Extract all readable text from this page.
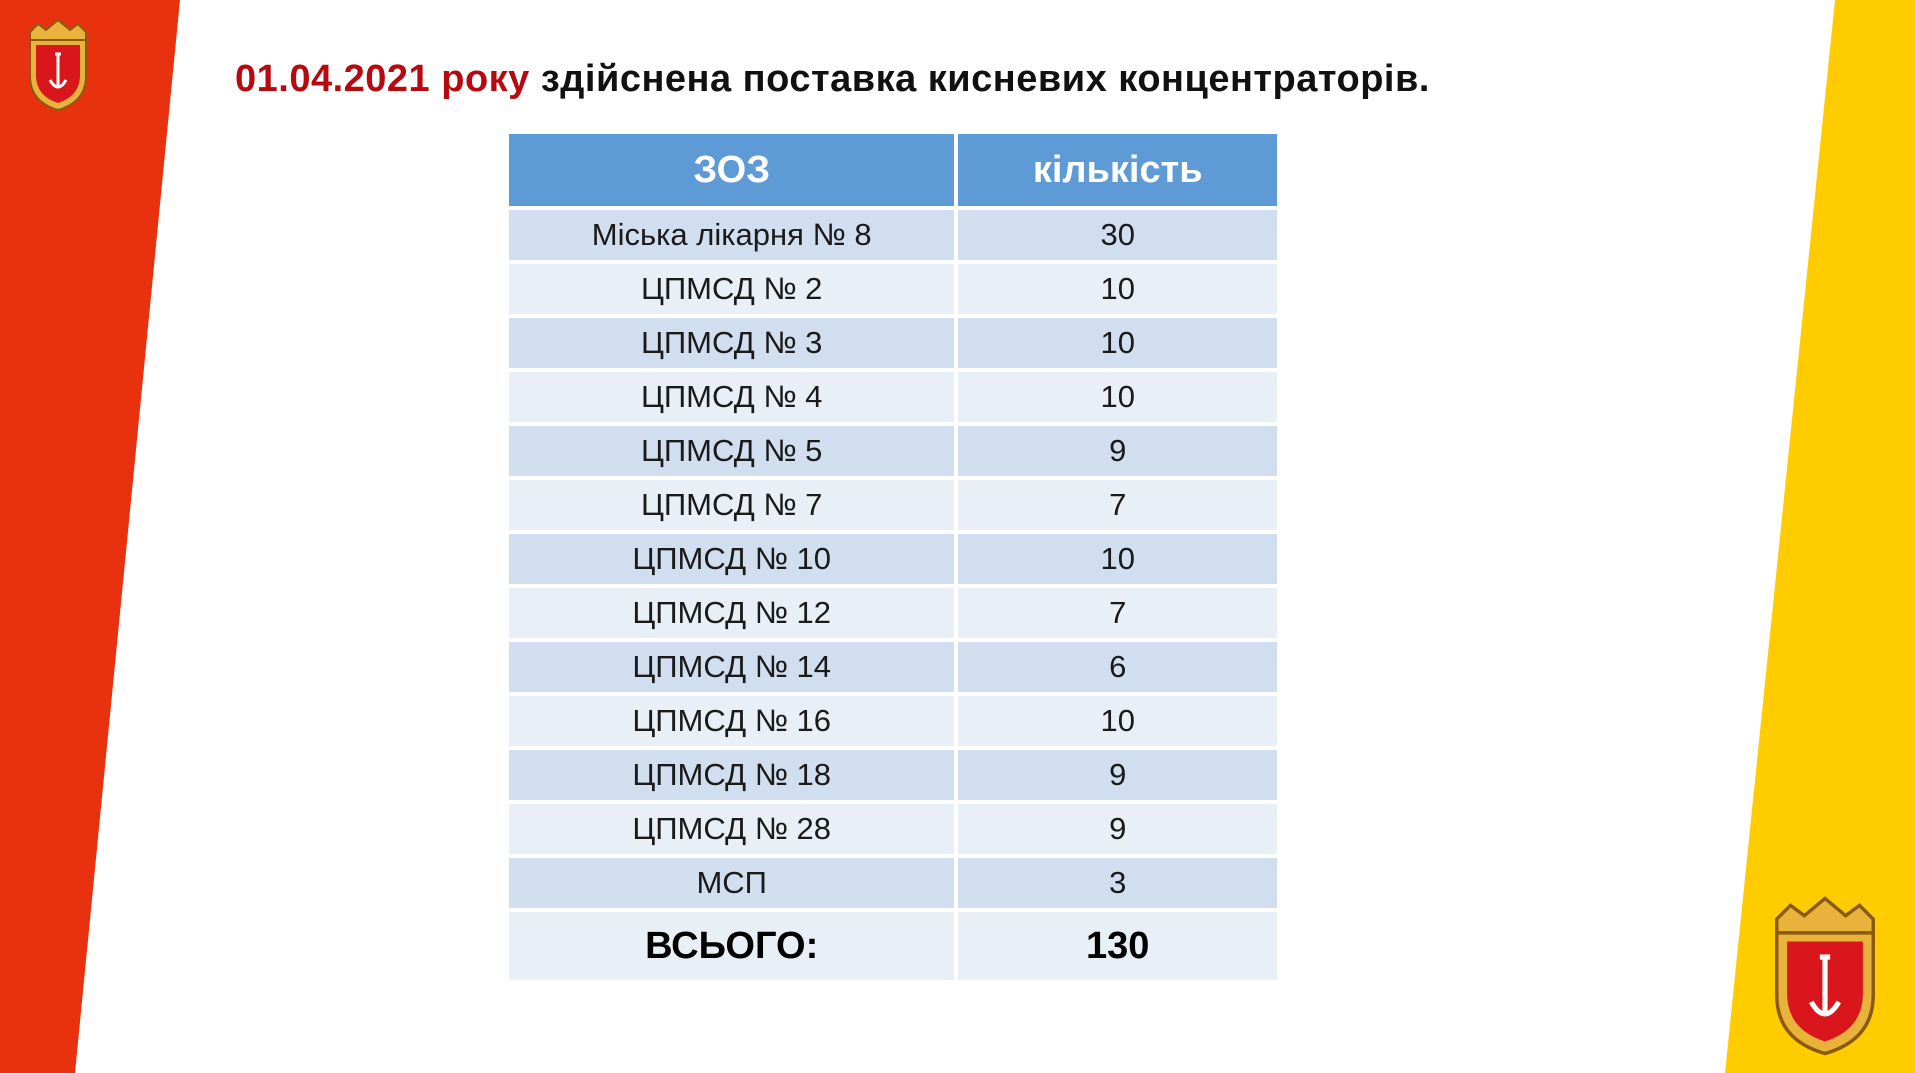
01.04.2021 року здійснена поставка кисневих концентраторів.
ЗОЗ	кількість
Міська лікарня № 8	30
ЦПМСД № 2	10
ЦПМСД № 3	10
ЦПМСД № 4	10
ЦПМСД № 5	9
ЦПМСД № 7	7
ЦПМСД № 10	10
ЦПМСД № 12	7
ЦПМСД № 14	6
ЦПМСД № 16	10
ЦПМСД № 18	9
ЦПМСД № 28	9
МСП	3
ВСЬОГО:	130
